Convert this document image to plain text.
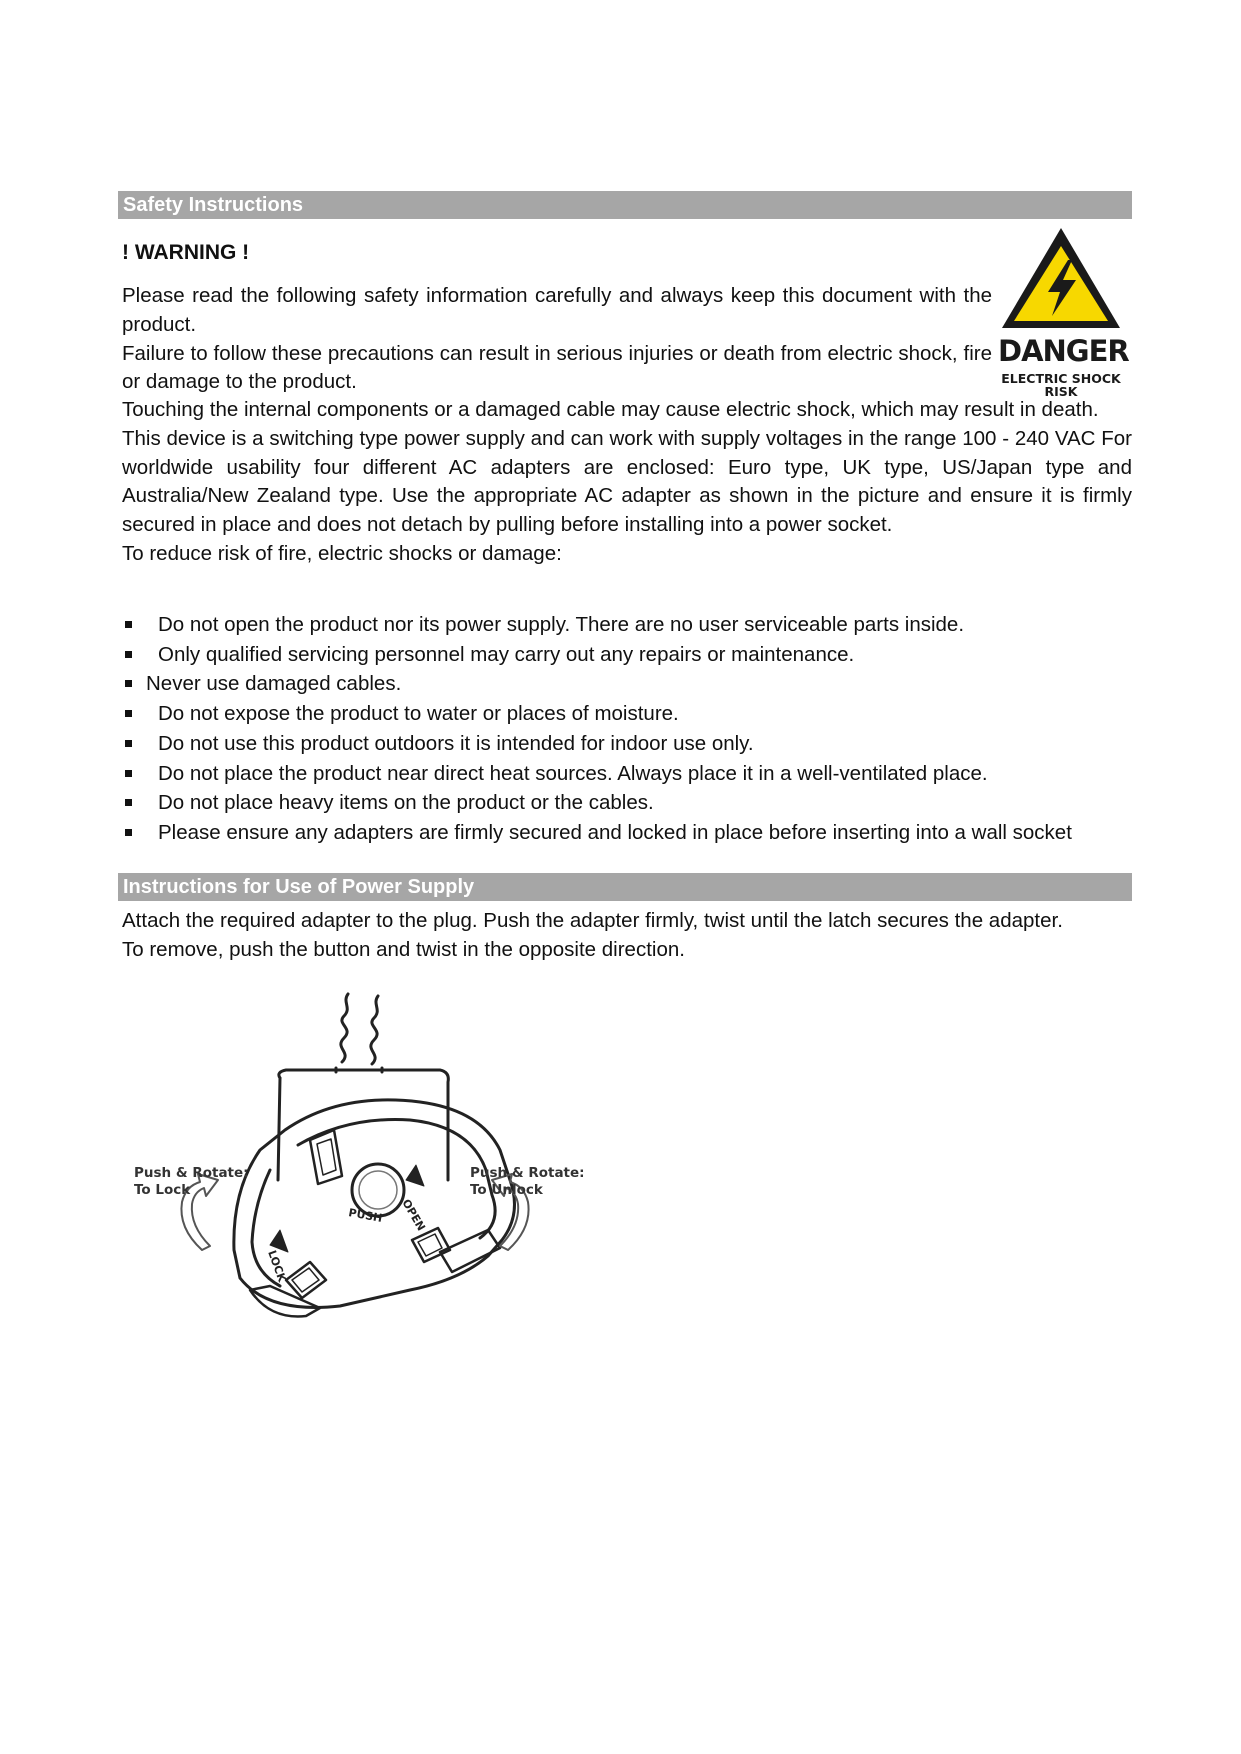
Safety Instructions
! WARNING !

Please read the following safety information carefully and always keep this document with the product.

Failure to follow these precautions can result in serious injuries or death from electric shock, fire or damage to the product.

DANGER
ELECTRIC SHOCK
RISK

Touching the internal components or a damaged cable may cause electric shock, which may result in death.

This device is a switching type power supply and can work with supply voltages in the range 100 - 240 VAC For worldwide usability four different AC adapters are enclosed: Euro type, UK type, US/Japan type and Australia/New Zealand type. Use the appropriate AC adapter as shown in the picture and ensure it is firmly secured in place and does not detach by pulling before installing into a power socket.

To reduce risk of fire, electric shocks or damage:

Do not open the product nor its power supply. There are no user serviceable parts inside.
Only qualified servicing personnel may carry out any repairs or maintenance.
Never use damaged cables.
Do not expose the product to water or places of moisture.
Do not use this product outdoors it is intended for indoor use only.
Do not place the product near direct heat sources. Always place it in a well-ventilated place.
Do not place heavy items on the product or the cables.
Please ensure any adapters are firmly secured and locked in place before inserting into a wall socket
Instructions for Use of Power Supply

Attach the required adapter to the plug. Push the adapter firmly, twist until the latch secures the adapter.

To remove, push the button and twist in the opposite direction.

PUSH OPEN
LOCK
Push & Rotate:
To Lock
Push & Rotate:
To Unlock
